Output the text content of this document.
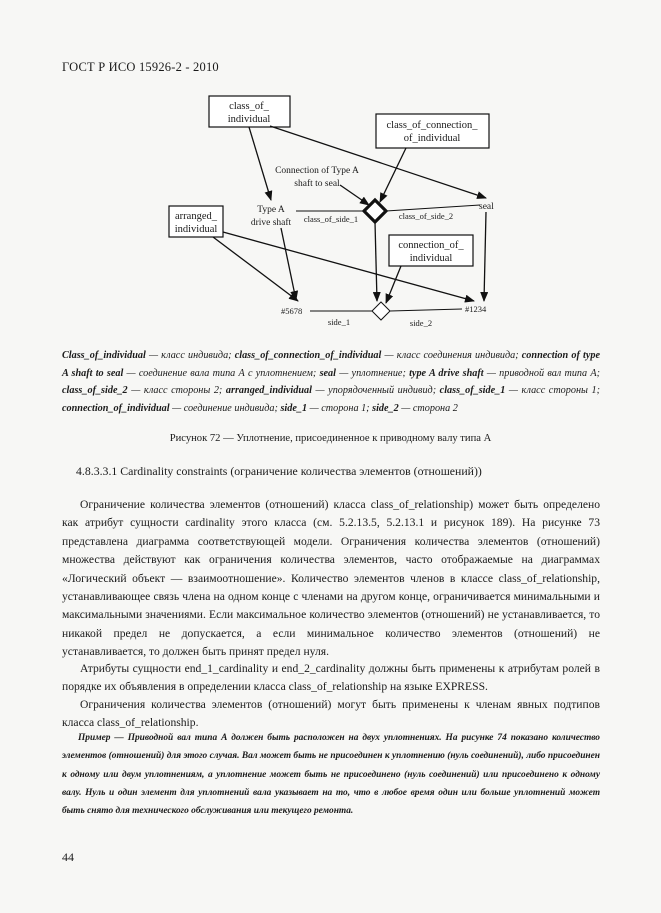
ГОСТ Р ИСО 15926-2 - 2010
class_of_
individual
class_of_connection_
of_individual
arranged_
individual
connection_of_
individual
Connection of Type A
shaft to seal
Type A
drive shaft
seal
class_of_side_1	class_of_side_2
#5678	#1234
side_1	side_2
Class_of_individual — класс индивида; class_of_connection_of_individual — класс соединения индивида; connection of type A shaft to seal — соединение вала типа А с уплотнением; seal — уплотнение; type A drive shaft — приводной вал типа А; class_of_side_2 — класс стороны 2; arranged_individual — упорядоченный индивид; class_of_side_1 — класс стороны 1; connection_of_individual — соединение индивида; side_1 — сторона 1; side_2 — сторона 2
Рисунок 72 — Уплотнение, присоединенное к приводному валу типа А
4.8.3.3.1 Cardinality constraints (ограничение количества элементов (отношений))
Ограничение количества элементов (отношений) класса class_of_relationship) может быть определено как атрибут сущности cardinality этого класса (см. 5.2.13.5, 5.2.13.1 и рисунок 189). На рисунке 73 представлена диаграмма соответствующей модели. Ограничения количества элементов (отношений) множества действуют как ограничения количества элементов, часто отображаемые на диаграммах «Логический объект — взаимоотношение». Количество элементов членов в классе class_of_relationship, устанавливающее связь члена на одном конце с членами на другом конце, ограничивается минимальными и максимальными значениями. Если максимальное количество элементов (отношений) не устанавливается, то никакой предел не допускается, а если минимальное количество элементов (отношений) не устанавливается, то должен быть принят предел нуля.
Атрибуты сущности end_1_cardinality и end_2_cardinality должны быть применены к атрибутам ролей в порядке их объявления в определении класса class_of_relationship на языке EXPRESS.
Ограничения количества элементов (отношений) могут быть применены к членам явных подтипов класса class_of_relationship.
Пример — Приводной вал типа А должен быть расположен на двух уплотнениях. На рисунке 74 показано количество элементов (отношений) для этого случая. Вал может быть не присоединен к уплотнению (нуль соединений), либо присоединен к одному или двум уплотнениям, а уплотнение может быть не присоединено (нуль соединений) или присоединено к одному валу. Нуль и один элемент для уплотнений вала указывает на то, что в любое время один или больше уплотнений может быть снято для технического обслуживания или текущего ремонта.
44
